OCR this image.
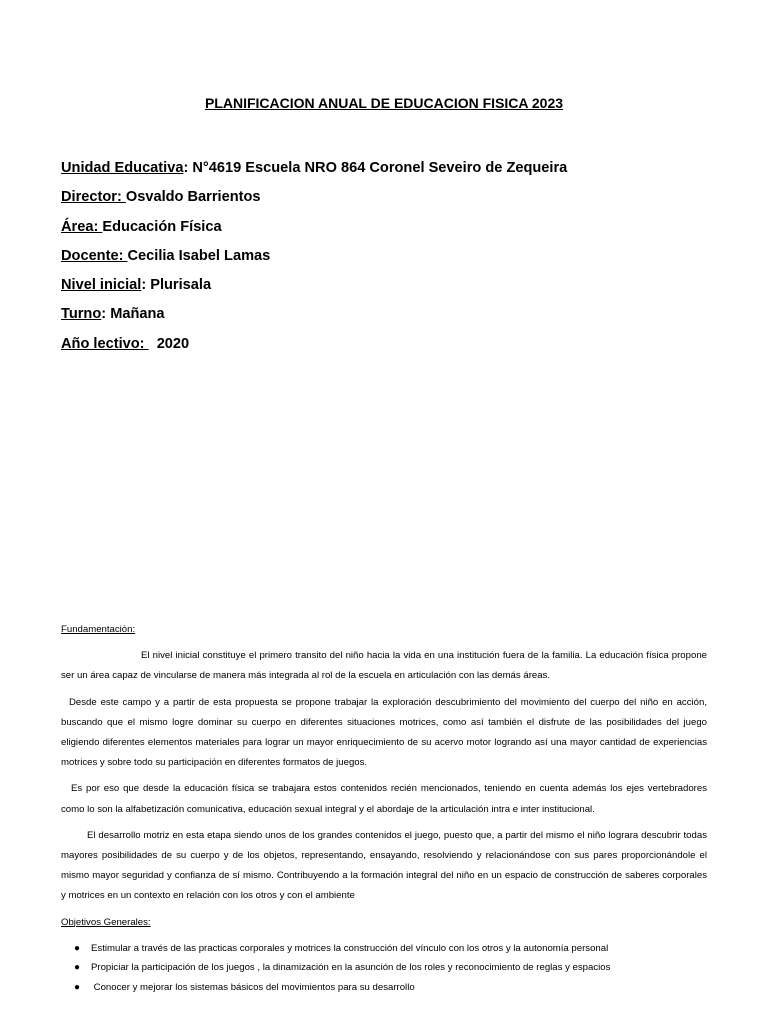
PLANIFICACION ANUAL DE EDUCACION FISICA 2023
Unidad Educativa: N°4619 Escuela NRO 864 Coronel Seveiro de Zequeira
Director: Osvaldo Barrientos
Área: Educación Física
Docente: Cecilia Isabel Lamas
Nivel inicial: Plurisala
Turno: Mañana
Año lectivo:   2020

Fundamentación:

El nivel inicial constituye el primero transito del niño hacia la vida en una institución fuera de la familia. La educación física propone ser un área capaz de vincularse de manera más integrada al rol de la escuela en articulación con las demás áreas.

Desde este campo y a partir de esta propuesta se propone trabajar la exploración descubrimiento del movimiento del cuerpo del niño en acción, buscando que el mismo logre dominar su cuerpo en diferentes situaciones motrices, como así también el disfrute de las posibilidades del juego eligiendo diferentes elementos materiales para lograr un mayor enriquecimiento de su acervo motor logrando así una mayor cantidad de experiencias motrices y sobre todo su participación en diferentes formatos de juegos.

Es por eso que desde la educación física se trabajara estos contenidos recién mencionados, teniendo en cuenta además los ejes vertebradores como lo son la alfabetización comunicativa, educación sexual integral y el abordaje de la articulación intra e inter institucional.

El desarrollo motriz en esta etapa siendo unos de los grandes contenidos el juego, puesto que, a partir del mismo el niño lograra descubrir todas mayores posibilidades de su cuerpo y de los objetos, representando, ensayando, resolviendo y relacionándose con sus pares proporcionándole el mismo mayor seguridad y confianza de sí mismo. Contribuyendo a la formación integral del niño en un espacio de construcción de saberes corporales y motrices en un contexto en relación con los otros y con el ambiente

Objetivos Generales:

● Estimular a través de las practicas corporales y motrices la construcción del vínculo con los otros y la autonomía personal
● Propiciar la participación de los juegos , la dinamización en la asunción de los roles y reconocimiento de reglas y espacios
● Conocer y mejorar los sistemas básicos del movimientos para su desarrollo
